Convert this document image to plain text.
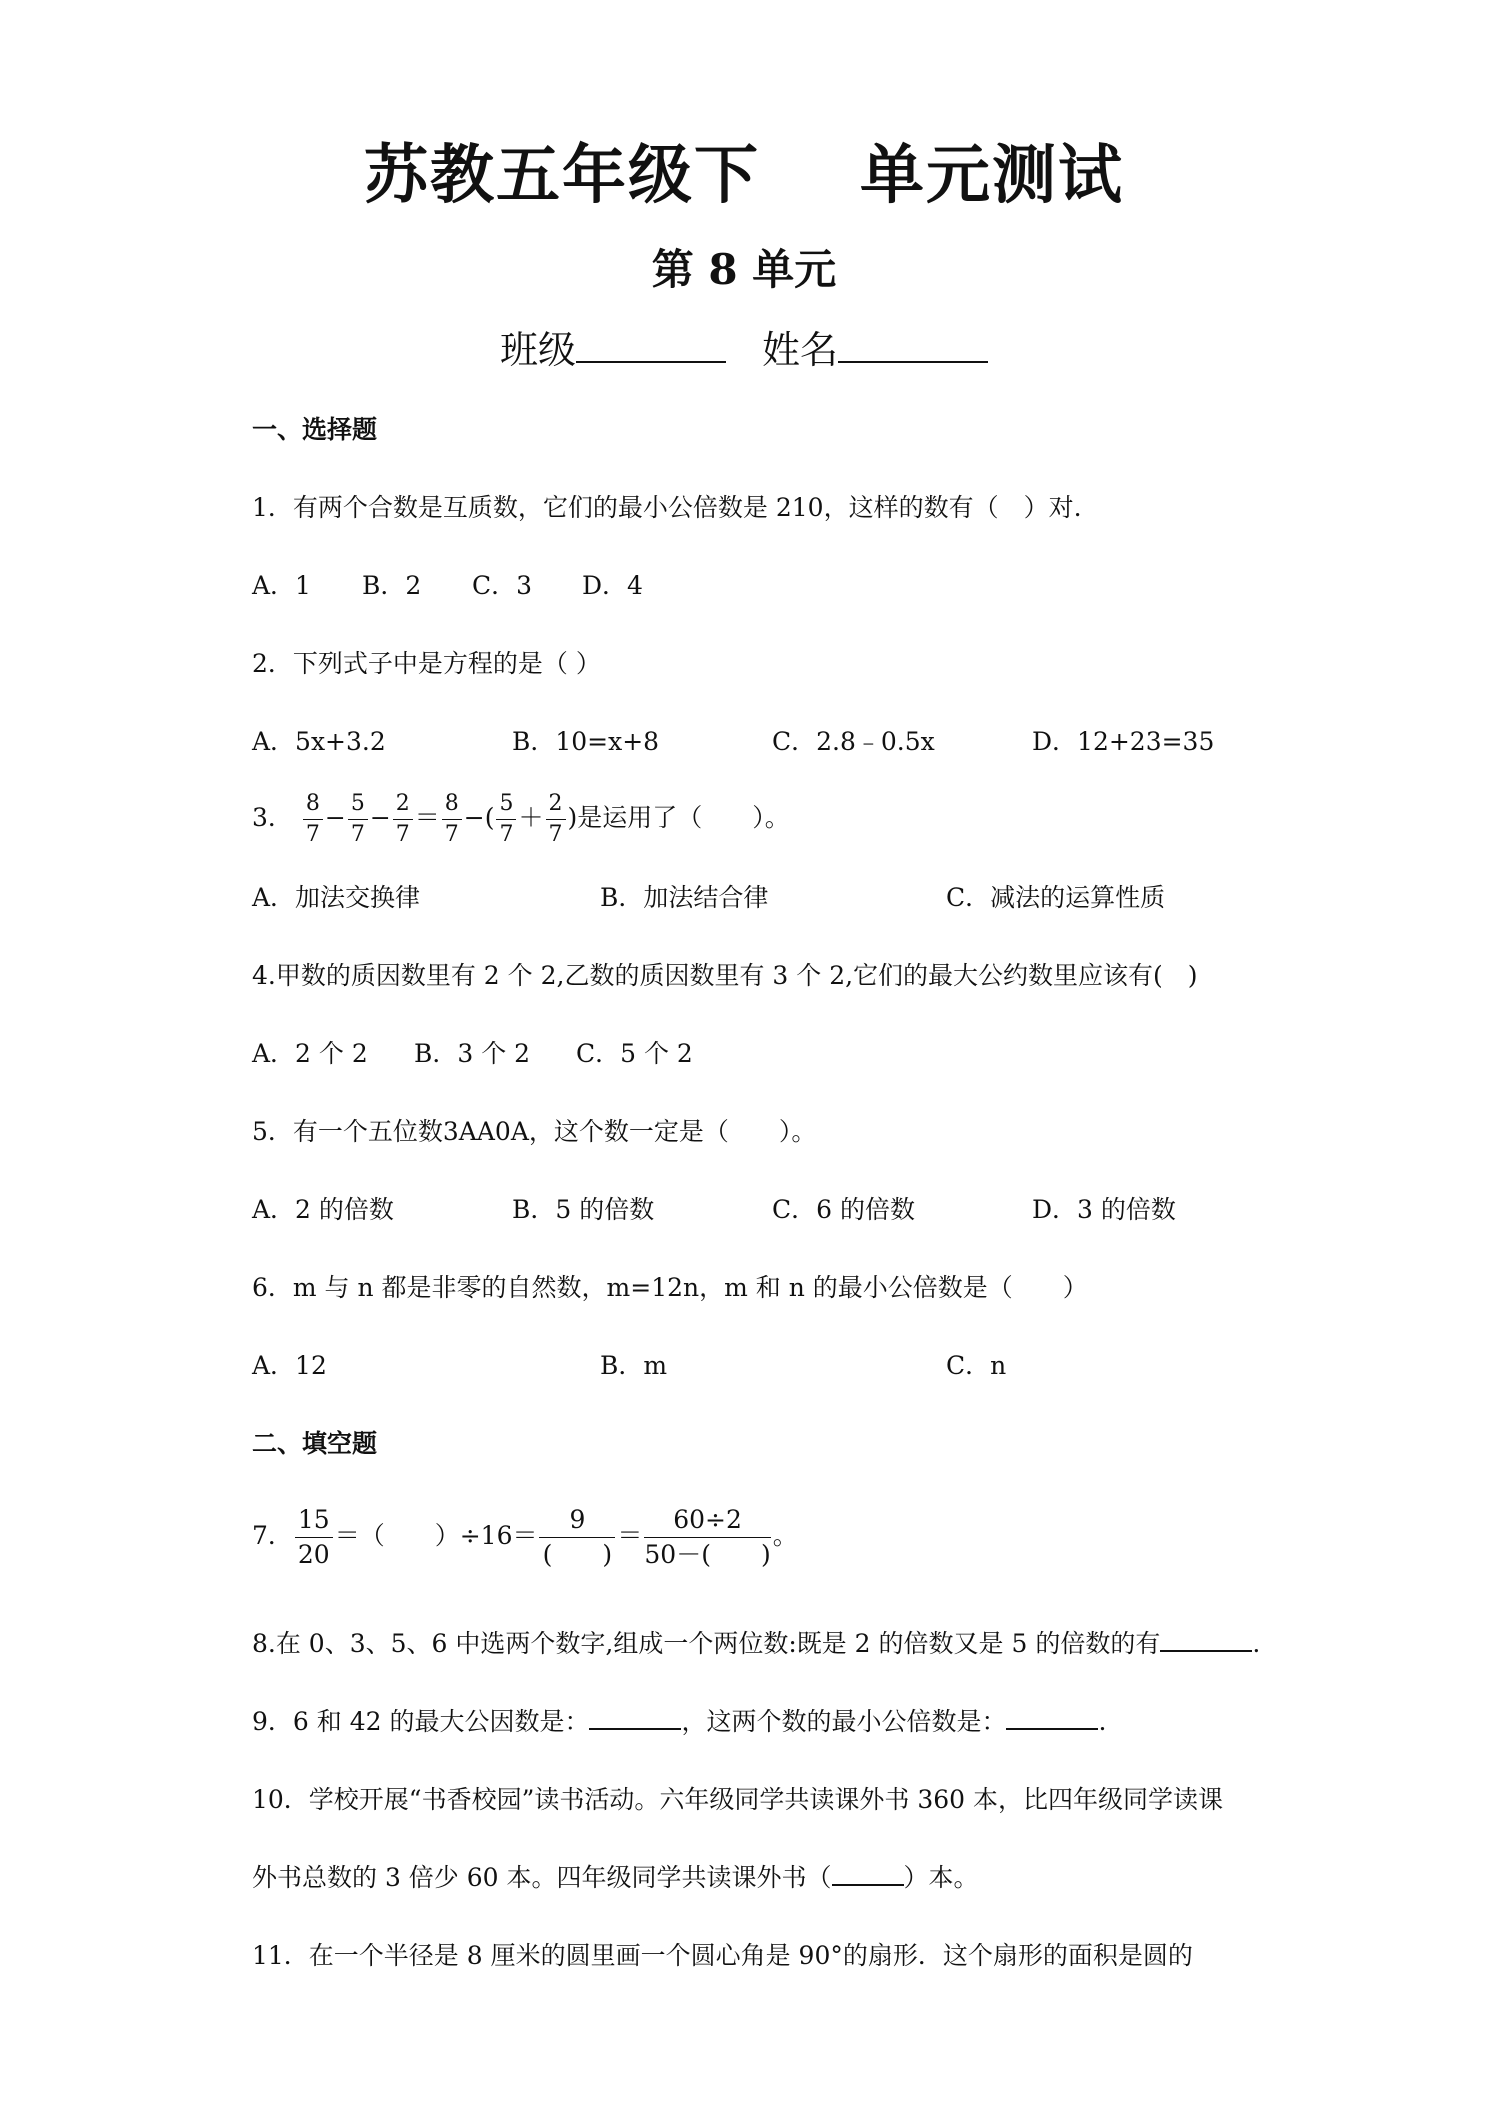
苏教五年级下 单元测试
第 8 单元
班级	姓名
一、选择题
1．有两个合数是互质数，它们的最小公倍数是 210，这样的数有（　）对.
A．1 B．2 C．3 D．4
2．下列式子中是方程的是（ ）
A．5x+3.2	B．10=x+8	C．2.8﹣0.5x	D．12+23=35
3． $\frac{8}{7} - \frac{5}{7} - \frac{2}{7} = \frac{8}{7}$ −( $\frac{5}{7} + \frac{2}{7}$ )是运用了（　　）。
A．加法交换律	B．加法结合律	C．减法的运算性质
4.甲数的质因数里有 2 个 2,乙数的质因数里有 3 个 2,它们的最大公约数里应该有(　)
A．2 个 2 B．3 个 2 C．5 个 2
5．有一个五位数3AA0A，这个数一定是（　　）。
A．2 的倍数	B．5 的倍数	C．6 的倍数	D．3 的倍数
6．m 与 n 都是非零的自然数，m=12n，m 和 n 的最小公倍数是（　　）
A．12	B．m	C．n
二、填空题
7． $\frac{15}{20}$ ＝（　　）$\div 16= \frac{9}{( )} = \frac{60\div 2}{50-( )}$ 。
8.在 0、3、5、6 中选两个数字,组成一个两位数:既是 2 的倍数又是 5 的倍数的有	.
9．6 和 42 的最大公因数是：	，这两个数的最小公倍数是：	.
10．学校开展“书香校园”读书活动。六年级同学共读课外书 360 本，比四年级同学读课
外书总数的 3 倍少 60 本。四年级同学共读课外书（	）本。
11．在一个半径是 8 厘米的圆里画一个圆心角是 90°的扇形．这个扇形的面积是圆的
